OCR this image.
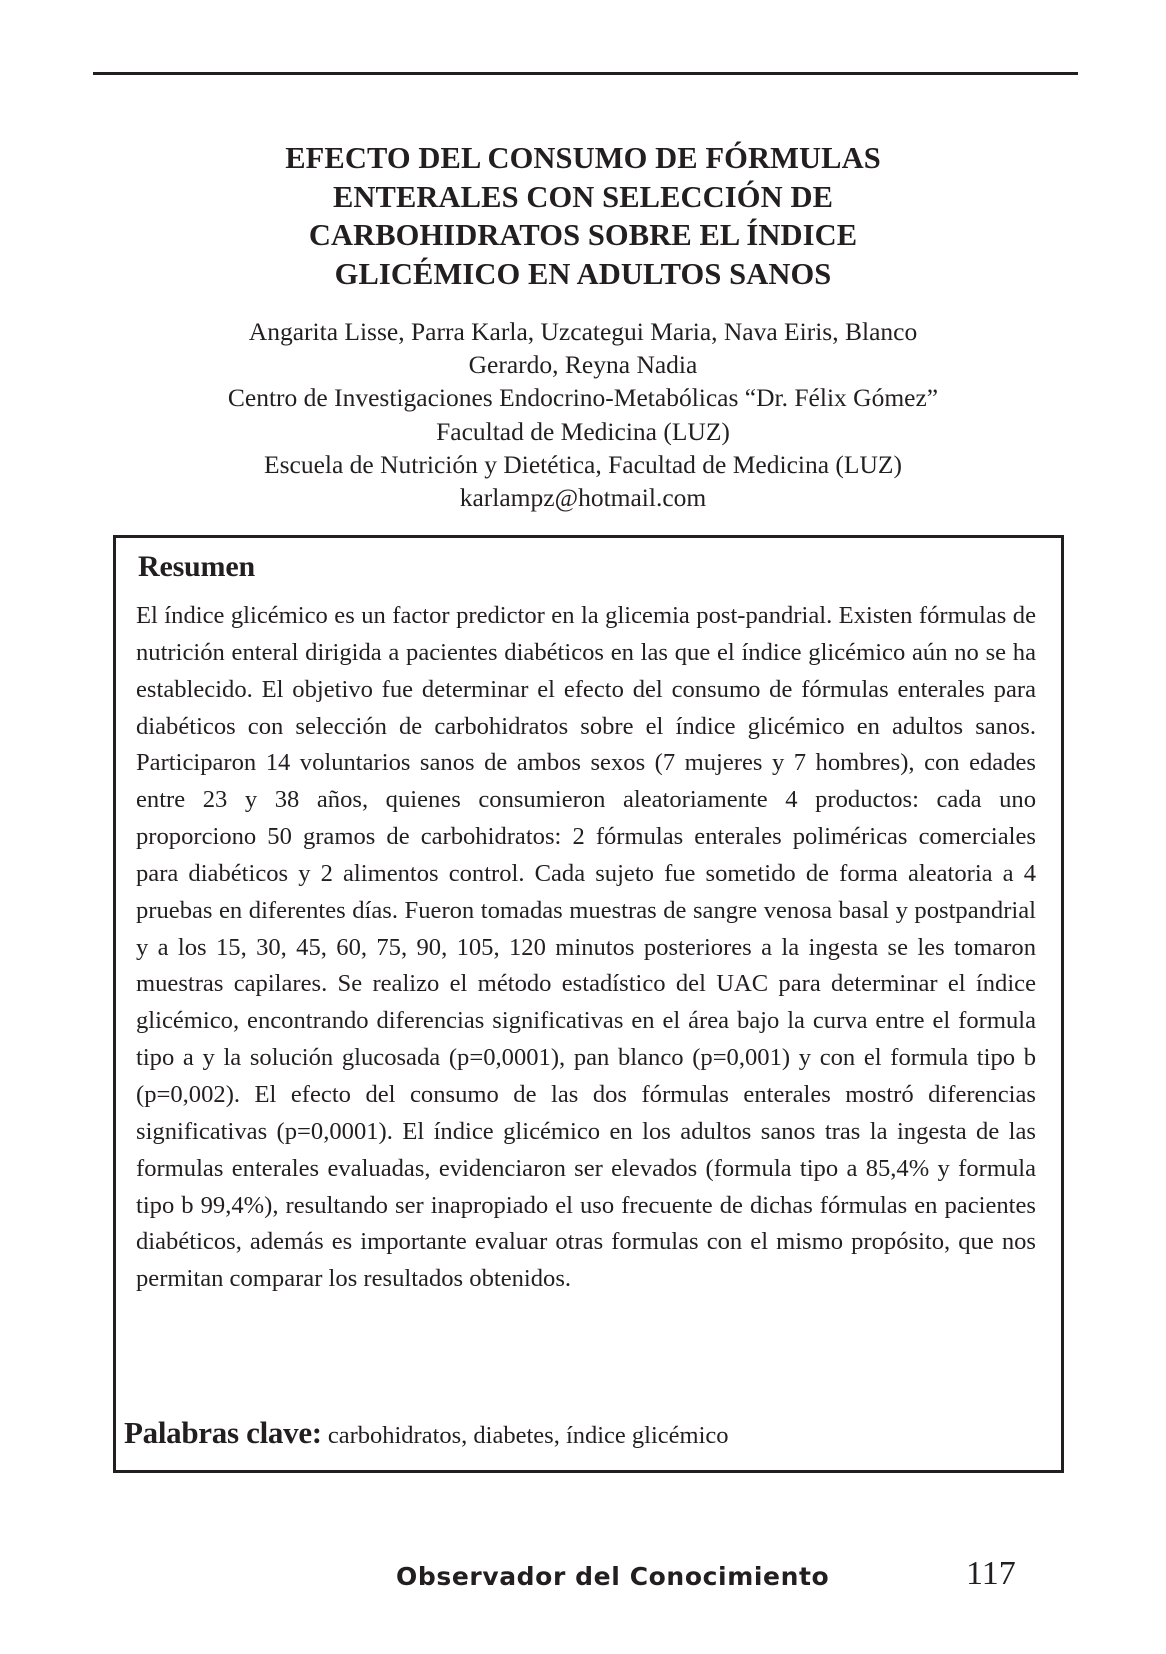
EFECTO DEL CONSUMO DE FÓRMULAS
ENTERALES CON SELECCIÓN DE
CARBOHIDRATOS SOBRE EL ÍNDICE
GLICÉMICO EN ADULTOS SANOS
Angarita Lisse, Parra Karla, Uzcategui Maria, Nava Eiris, Blanco
Gerardo, Reyna Nadia
Centro de Investigaciones Endocrino-Metabólicas “Dr. Félix Gómez”
Facultad de Medicina (LUZ)
Escuela de Nutrición y Dietética, Facultad de Medicina (LUZ)
karlampz@hotmail.com
Resumen

El índice glicémico es un factor predictor en la glicemia post-pandrial. Existen fórmulas de nutrición enteral dirigida a pacientes diabéticos en las que el índice glicémico aún no se ha establecido. El objetivo fue determinar el efecto del consumo de fórmulas enterales para diabéticos con selección de carbohidratos sobre el índice glicémico en adultos sanos. Participaron 14 voluntarios sanos de ambos sexos (7 mujeres y 7 hombres), con edades entre 23 y 38 años, quienes consumieron aleatoriamente 4 productos: cada uno proporciono 50 gramos de carbohidratos: 2 fórmulas enterales poliméricas comerciales para diabéticos y 2 alimentos control. Cada sujeto fue sometido de forma aleatoria a 4 pruebas en diferentes días. Fueron tomadas muestras de sangre venosa basal y postpandrial y a los 15, 30, 45, 60, 75, 90, 105, 120 minutos posteriores a la ingesta se les tomaron muestras capilares. Se realizo el método estadístico del UAC para determinar el índice glicémico, encontrando diferencias significativas en el área bajo la curva entre el formula tipo a y la solución glucosada (p=0,0001), pan blanco (p=0,001) y con el formula tipo b (p=0,002). El efecto del consumo de las dos fórmulas enterales mostró diferencias significativas (p=0,0001). El índice glicémico en los adultos sanos tras la ingesta de las formulas enterales evaluadas, evidenciaron ser elevados (formula tipo a 85,4% y formula tipo b 99,4%), resultando ser inapropiado el uso frecuente de dichas fórmulas en pacientes diabéticos, además es importante evaluar otras formulas con el mismo propósito, que nos permitan comparar los resultados obtenidos.

Palabras clave: carbohidratos, diabetes, índice glicémico
Observador del Conocimiento	117
